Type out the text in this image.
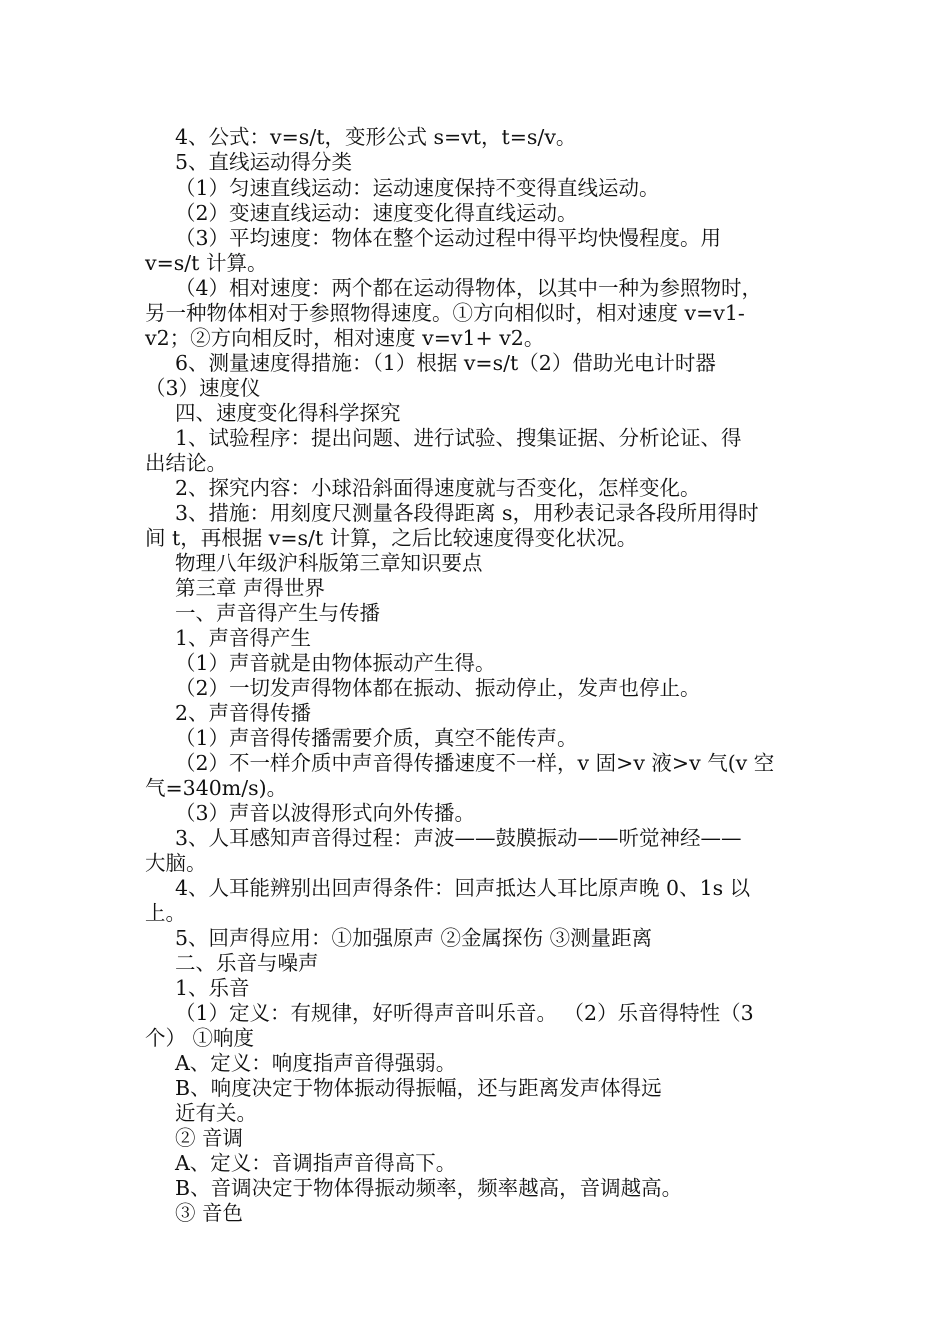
4、公式：v=s/t，变形公式 s=vt，t=s/v。
5、直线运动得分类
（1）匀速直线运动：运动速度保持不变得直线运动。
（2）变速直线运动：速度变化得直线运动。
（3）平均速度：物体在整个运动过程中得平均快慢程度。用
v=s/t 计算。
（4）相对速度：两个都在运动得物体，以其中一种为参照物时，
另一种物体相对于参照物得速度。①方向相似时，相对速度 v=v1-
v2；②方向相反时，相对速度 v=v1+ v2。
6、测量速度得措施：（1）根据 v=s/t（2）借助光电计时器
（3）速度仪
四、速度变化得科学探究
1、试验程序：提出问题、进行试验、搜集证据、分析论证、得
出结论。
2、探究内容：小球沿斜面得速度就与否变化，怎样变化。
3、措施：用刻度尺测量各段得距离 s，用秒表记录各段所用得时
间 t，再根据 v=s/t 计算，之后比较速度得变化状况。
物理八年级沪科版第三章知识要点
第三章 声得世界
一、声音得产生与传播
1、声音得产生
（1）声音就是由物体振动产生得。
（2）一切发声得物体都在振动、振动停止，发声也停止。
2、声音得传播
（1）声音得传播需要介质，真空不能传声。
（2）不一样介质中声音得传播速度不一样，v 固>v 液>v 气(v 空
气=340m/s)。
（3）声音以波得形式向外传播。
3、人耳感知声音得过程：声波——鼓膜振动——听觉神经——
大脑。
4、人耳能辨别出回声得条件：回声抵达人耳比原声晚 0、1s 以
上。
5、回声得应用：①加强原声 ②金属探伤 ③测量距离
二、乐音与噪声
1、乐音
（1）定义：有规律，好听得声音叫乐音。 （2）乐音得特性（3
个） ①响度
A、定义：响度指声音得强弱。
B、响度决定于物体振动得振幅，还与距离发声体得远
近有关。
② 音调
A、定义：音调指声音得高下。
B、音调决定于物体得振动频率，频率越高，音调越高。
③ 音色
